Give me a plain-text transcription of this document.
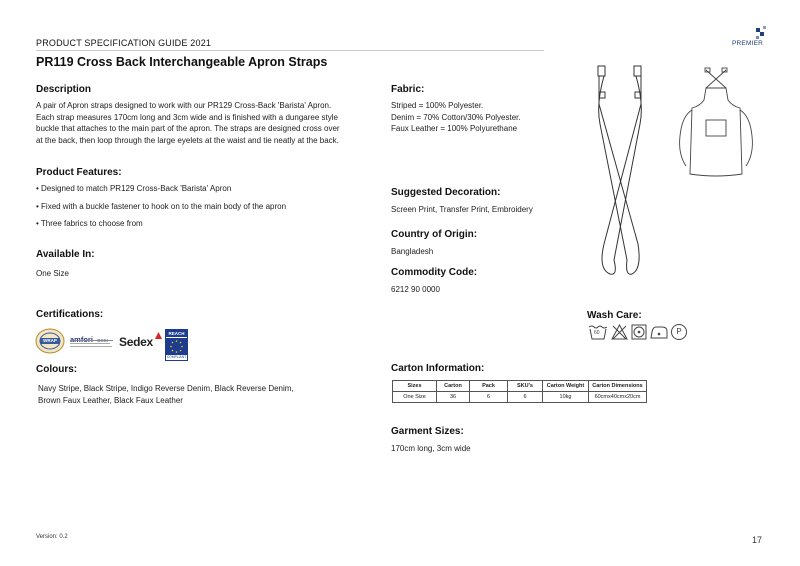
PRODUCT SPECIFICATION GUIDE 2021
PR119 Cross Back Interchangeable Apron Straps
PREMIER
Description
A pair of Apron straps designed to work with our PR129 Cross-Back 'Barista' Apron.
Each strap measures 170cm long and 3cm wide and is finished with a dungaree style
buckle that attaches to the main part of the apron. The straps are designed cross over
at the back, then loop through the large eyelets at the waist and tie neatly at the back.
Product Features:
• Designed to match PR129 Cross-Back 'Barista' Apron
• Fixed with a buckle fastener to hook on to the main body of the apron
• Three fabrics to choose from
Available In:
One Size
Certifications:
WRAP	Sedex
REACH
COMPLIANT
Colours:
Navy Stripe, Black Stripe, Indigo Reverse Denim, Black Reverse Denim,
Brown Faux Leather, Black Faux Leather
Fabric:
Striped = 100% Polyester.
Denim = 70% Cotton/30% Polyester.
Faux Leather = 100% Polyurethane
Suggested Decoration:
Screen Print, Transfer Print, Embroidery
Country of Origin:
Bangladesh
Commodity Code:
6212 90 0000
Carton Information:
Sizes	Carton	Pack	SKU's	Carton Weight	Carton Dimensions
One Size	36	6	6	10kg	60cmx40cmx20cm
Garment Sizes:
170cm long, 3cm wide
Wash Care:
60	P
Version: 0.2	17
